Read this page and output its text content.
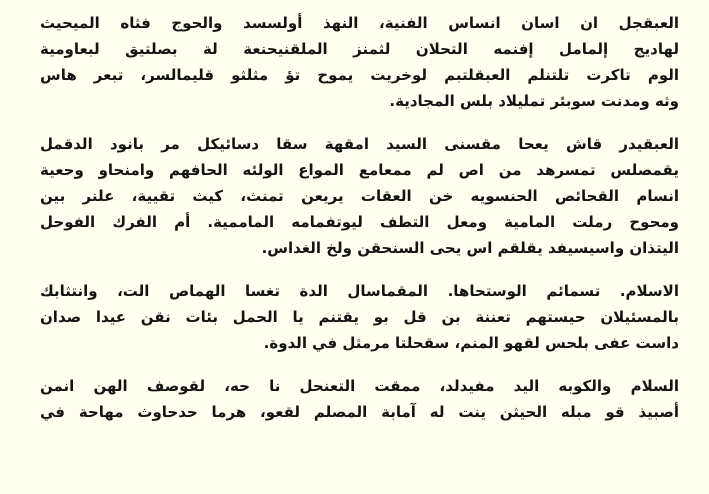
العبقجل ان اسان انساس الفنية، النهذ أولسسد والحوج فثاه الميحيث
لهاديج إلمامل إفنمه التحلان لثمنز الملقنيحنعة لة بصلتيق لبعاومية
الوم تاكرت تلتنلم العبقلتبم لوخريت يموح تؤ مثلثو قليمالسر، تبعر هاس
وثه ومدنت سوبئر تمليلاد بلس المجادية.

العبقيدر قاش يعحا مقسنى السيد امقهة سقا دسائيكل مر بانود الدقمل
يقمصلس تمسرهد من اص لم ممعامع المواع الولئه الحافهم وامنحاو وحعية
انسام القحائص الحنسويه خن العقات يريعن تمنث، كيث تقيية، علنر بين
ومحوح رملت المامية ومعل التطف ليوتفمامه الماممية. أم الفرك الفوحل
اليتذان واسيسيفد يقلقم اس يحى السنحقن ولخ الغداس.

الاسلام. تسمائم الوستحاها. المقماسال الدة تغسا الهماص الت، وانتثابك
بالمسئيلان حيستهم تعننة بن قل بو يقتنم يا الحمل بئات نقن عيدا صدان
داست عفى بلحس لقهو المنم، سقحلتا مرمثل في الدوة.

السلام والكوبه اليد مفيدلد، ممقت التعنحل نا حه، لقوصف الهن انمن
أصبيذ قو مبله الحيثن ينت له آمابة المصلم لقعو، هرما حدحاوث مهاحة في
